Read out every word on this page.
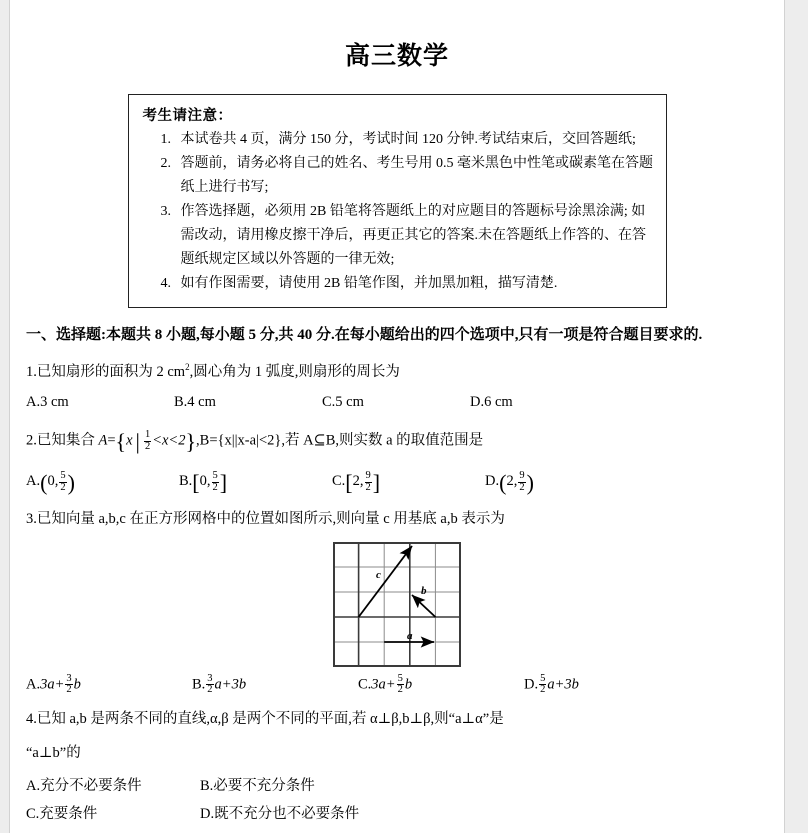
高三数学
考生请注意：
1. 本试卷共 4 页，满分 150 分，考试时间 120 分钟.考试结束后，交回答题纸;
2. 答题前，请务必将自己的姓名、考生号用 0.5 毫米黑色中性笔或碳素笔在答题纸上进行书写;
3. 作答选择题，必须用 2B 铅笔将答题纸上的对应题目的答题标号涂黑涂满; 如需改动，请用橡皮擦干净后，再更正其它的答案.未在答题纸上作答的、在答题纸规定区域以外答题的一律无效;
4. 如有作图需要，请使用 2B 铅笔作图，并加黑加粗，描写清楚.
一、选择题:本题共 8 小题,每小题 5 分,共 40 分.在每小题给出的四个选项中,只有一项是符合题目要求的.
1.已知扇形的面积为 2 $cm^2$,圆心角为 1 弧度,则扇形的周长为
A.3 cm	B.4 cm	C.5 cm	D.6 cm
2.已知集合 A={x | $\frac{1}{2} <x<2\},B=\{x||x-a|<2\}$,若 A⊆B,则实数 a 的取值范围是
A.(0, $\frac{5}{2}$ )	B.[0, $\frac{5}{2}$ ]	C.[2, $\frac{9}{2}$ ]	D.(2, $\frac{9}{2}$ )
3.已知向量 a,b,c 在正方形网格中的位置如图所示,则向量 c 用基底 a,b 表示为
c
b
a
$A.3a+ \frac{3}{2}$ b	B. $\frac{3}{2} a+3b$	$C.3a+ \frac{5}{2}$ b	D. $\frac{5}{2} a+3b$
4.已知 a,b 是两条不同的直线,α,β 是两个不同的平面,若 α⊥β,b⊥β,则“a⊥α”是
“a⊥b”的
A.充分不必要条件	B.必要不充分条件
C.充要条件	D.既不充分也不必要条件
